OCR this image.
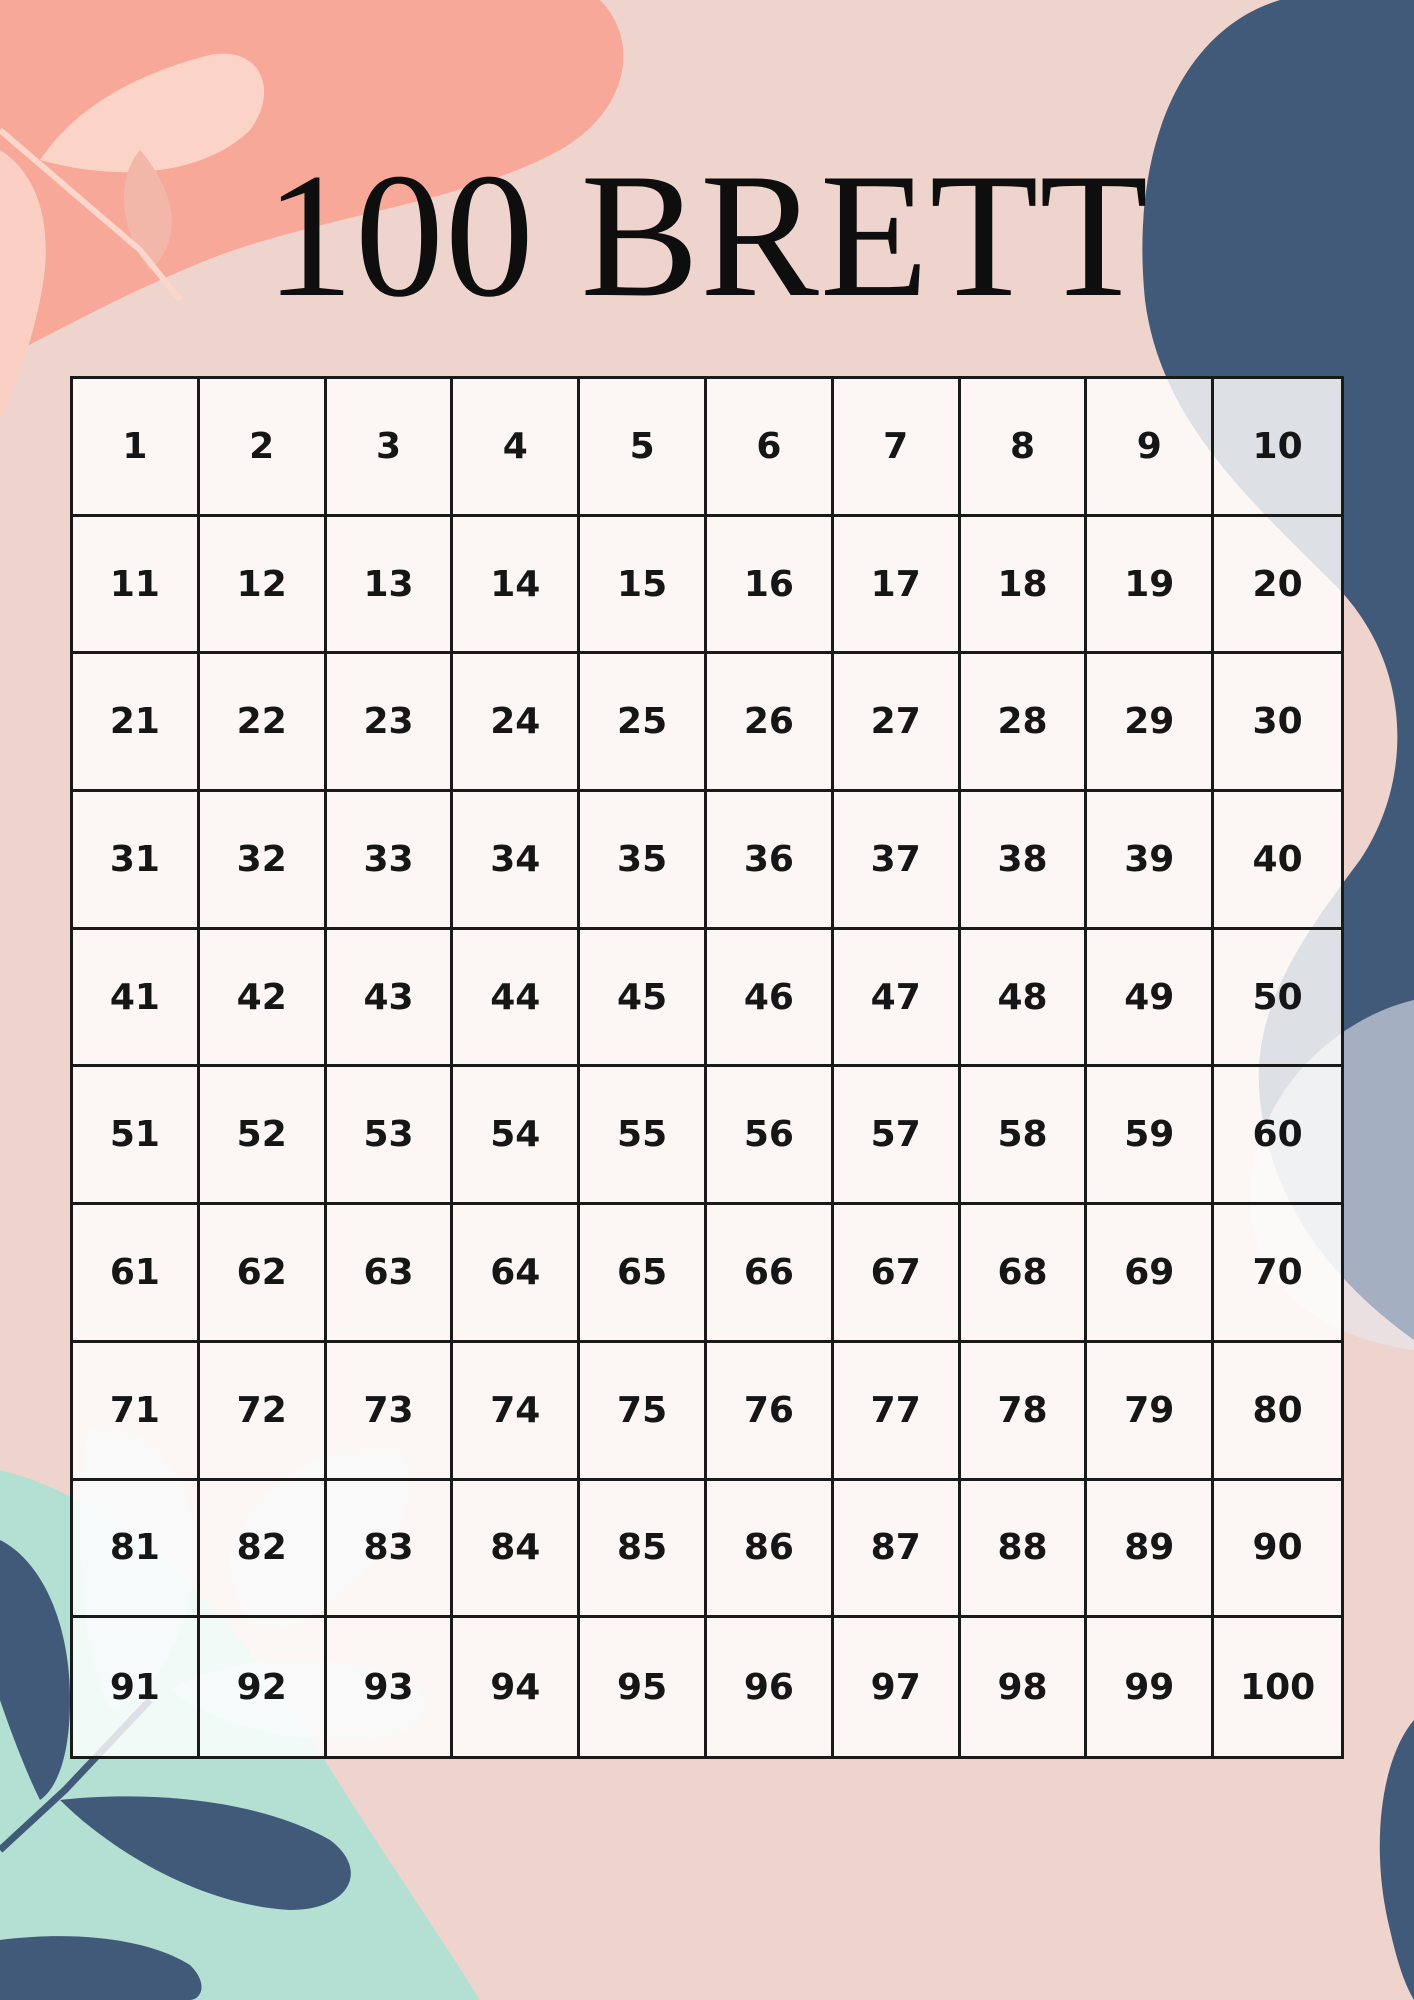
100 BRETT
1	2	3	4	5	6	7	8	9	10
11	12	13	14	15	16	17	18	19	20
21	22	23	24	25	26	27	28	29	30
31	32	33	34	35	36	37	38	39	40
41	42	43	44	45	46	47	48	49	50
51	52	53	54	55	56	57	58	59	60
61	62	63	64	65	66	67	68	69	70
71	72	73	74	75	76	77	78	79	80
81	82	83	84	85	86	87	88	89	90
91	92	93	94	95	96	97	98	99	100
